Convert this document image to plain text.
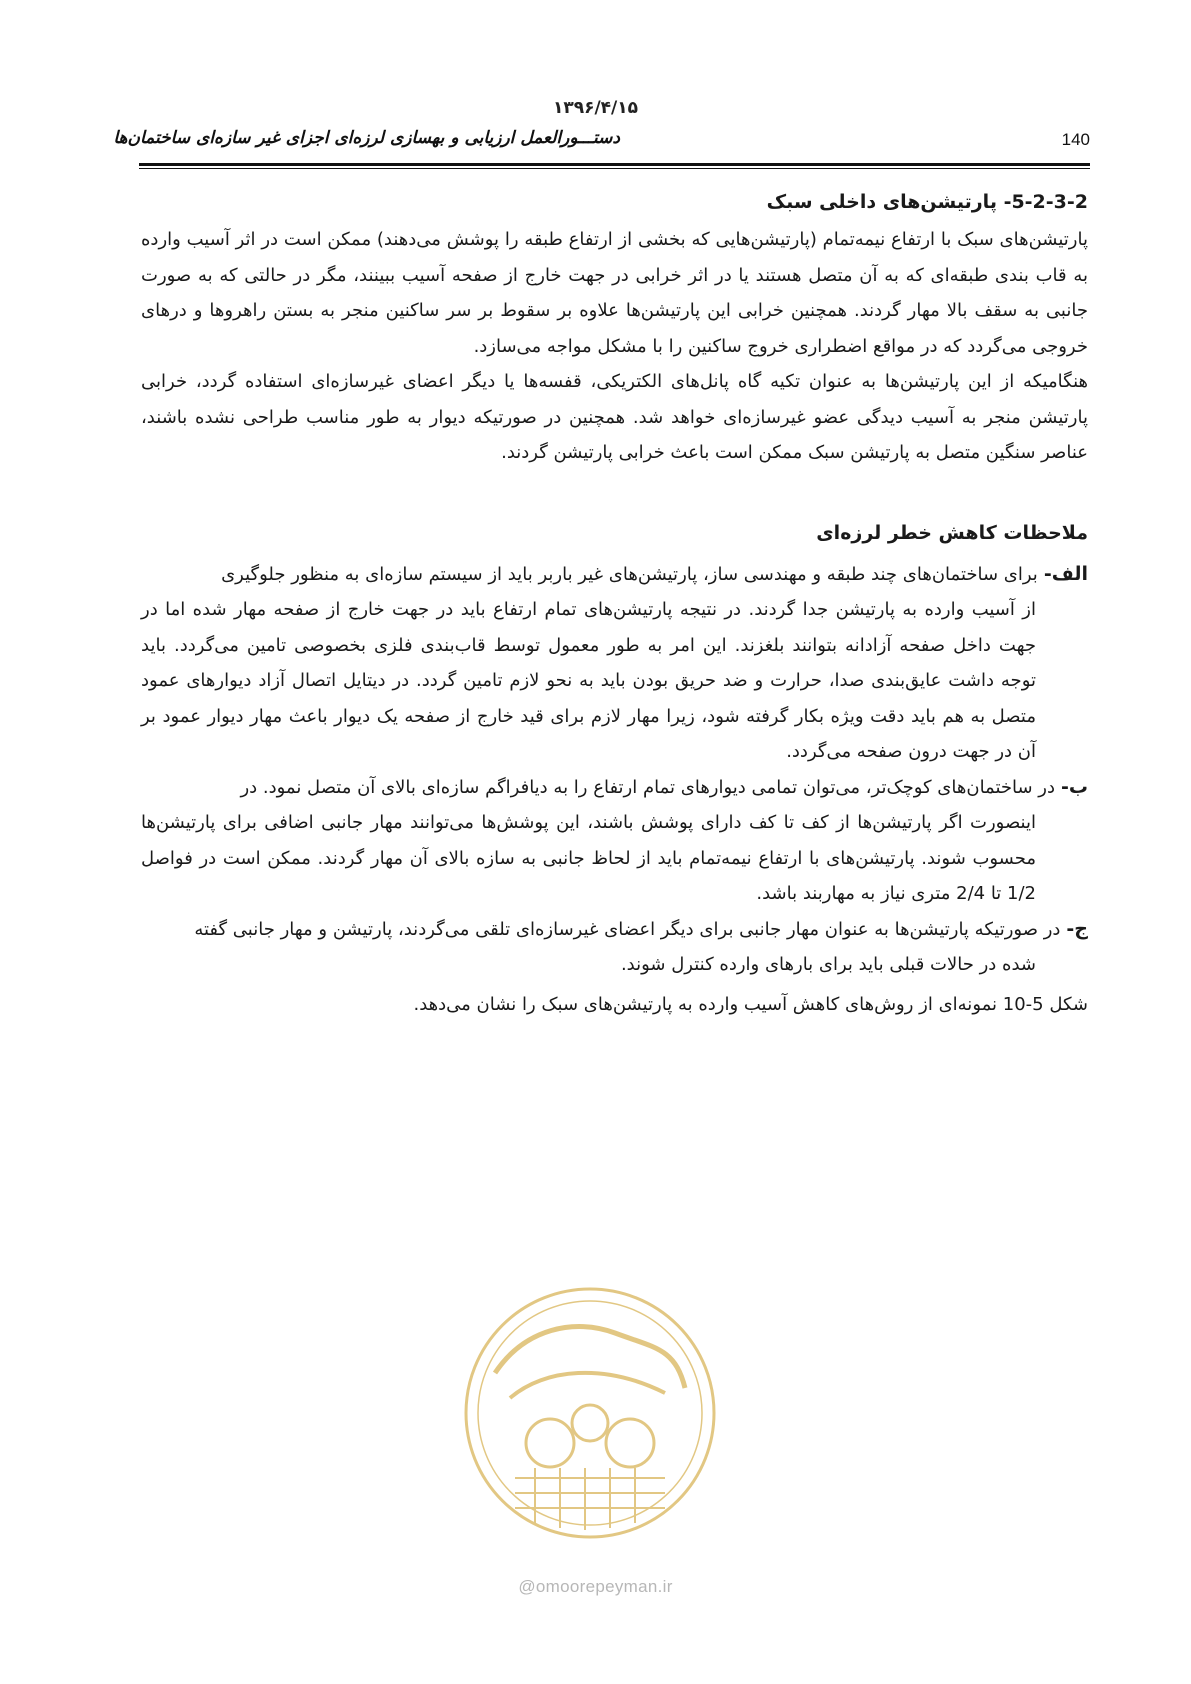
۱۳۹۶/۴/۱۵
دستـــورالعمل ارزیابی و بهسازی لرزه‌ای اجزای غیر سازه‌ای ساختمان‌ها	140
5-2-3-2- پارتیشن‌های داخلی سبک

پارتیشن‌های سبک با ارتفاع نیمه‌تمام (پارتیشن‌هایی که بخشی از ارتفاع طبقه را پوشش می‌دهند) ممکن است در اثر آسیب وارده به قاب بندی طبقه‌ای که به آن متصل هستند یا در اثر خرابی در جهت خارج از صفحه آسیب ببینند، مگر در حالتی که به صورت جانبی به سقف بالا مهار گردند. همچنین خرابی این پارتیشن‌ها علاوه بر سقوط بر سر ساکنین منجر به بستن راهروها و درهای خروجی می‌گردد که در مواقع اضطراری خروج ساکنین را با مشکل مواجه می‌سازد.

هنگامیکه از این پارتیشن‌ها به عنوان تکیه گاه پانل‌های الکتریکی، قفسه‌ها یا دیگر اعضای غیرسازه‌ای استفاده گردد، خرابی پارتیشن منجر به آسیب دیدگی عضو غیرسازه‌ای خواهد شد. همچنین در صورتیکه دیوار به طور مناسب طراحی نشده باشند، عناصر سنگین متصل به پارتیشن سبک ممکن است باعث خرابی پارتیشن گردند.

ملاحظات کاهش خطر لرزه‌ای
الف-
برای ساختمان‌های چند طبقه و مهندسی ساز، پارتیشن‌های غیر باربر باید از سیستم سازه‌ای به منظور جلوگیری

از آسیب وارده به پارتیشن جدا گردند. در نتیجه پارتیشن‌های تمام ارتفاع باید در جهت خارج از صفحه مهار شده اما در جهت داخل صفحه آزادانه بتوانند بلغزند. این امر به طور معمول توسط قاب‌بندی فلزی بخصوصی تامین می‌گردد. باید توجه داشت عایق‌بندی صدا، حرارت و ضد حریق بودن باید به نحو لازم تامین گردد. در دیتایل اتصال آزاد دیوارهای عمود متصل به هم باید دقت ویژه بکار گرفته شود، زیرا مهار لازم برای قید خارج از صفحه یک دیوار باعث مهار دیوار عمود بر آن در جهت درون صفحه می‌گردد.

ب-
در ساختمان‌های کوچک‌تر، می‌توان تمامی دیوارهای تمام ارتفاع را به دیافراگم سازه‌ای بالای آن متصل نمود. در

اینصورت اگر پارتیشن‌ها از کف تا کف دارای پوشش باشند، این پوشش‌ها می‌توانند مهار جانبی اضافی برای پارتیشن‌ها محسوب شوند. پارتیشن‌های با ارتفاع نیمه‌تمام باید از لحاظ جانبی به سازه بالای آن مهار گردند. ممکن است در فواصل 1/2 تا 2/4 متری نیاز به مهاربند باشد.

ج-
در صورتیکه پارتیشن‌ها به عنوان مهار جانبی برای دیگر اعضای غیرسازه‌ای تلقی می‌گردند، پارتیشن و مهار جانبی گفته

شده در حالات قبلی باید برای بارهای وارده کنترل شوند.

شکل 5-10 نمونه‌ای از روش‌های کاهش آسیب وارده به پارتیشن‌های سبک را نشان می‌دهد.

@omoorepeyman.ir
